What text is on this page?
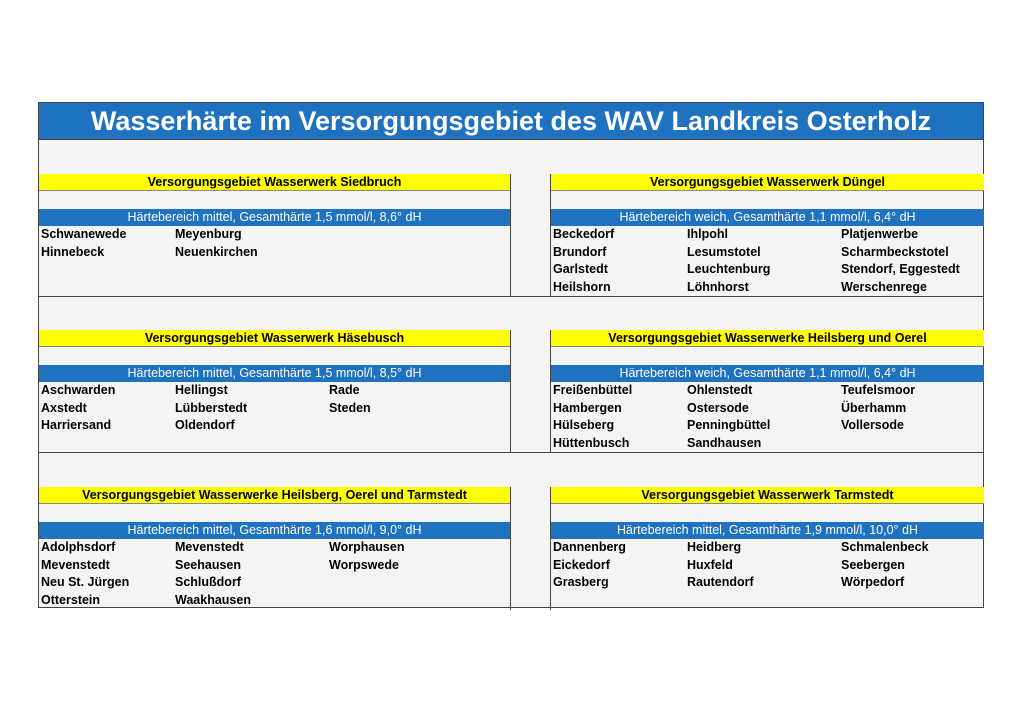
Wasserhärte im Versorgungsgebiet des WAV Landkreis Osterholz
Versorgungsgebiet Wasserwerk Siedbruch
Härtebereich mittel, Gesamthärte 1,5 mmol/l, 8,6° dH
Schwanewede	Meyenburg
Hinnebeck	Neuenkirchen
Versorgungsgebiet Wasserwerk Düngel
Härtebereich weich, Gesamthärte 1,1 mmol/l, 6,4° dH
Beckedorf	Ihlpohl	Platjenwerbe
Brundorf	Lesumstotel	Scharmbeckstotel
Garlstedt	Leuchtenburg	Stendorf, Eggestedt
Heilshorn	Löhnhorst	Werschenrege
Versorgungsgebiet Wasserwerk Häsebusch
Härtebereich mittel, Gesamthärte 1,5 mmol/l, 8,5° dH
Aschwarden	Hellingst	Rade
Axstedt	Lübberstedt	Steden
Harriersand	Oldendorf
Versorgungsgebiet Wasserwerke Heilsberg und Oerel
Härtebereich weich, Gesamthärte 1,1 mmol/l, 6,4° dH
Freißenbüttel	Ohlenstedt	Teufelsmoor
Hambergen	Ostersode	Überhamm
Hülseberg	Penningbüttel	Vollersode
Hüttenbusch	Sandhausen
Versorgungsgebiet Wasserwerke Heilsberg, Oerel und Tarmstedt
Härtebereich mittel, Gesamthärte 1,6 mmol/l, 9,0° dH
Adolphsdorf	Mevenstedt	Worphausen
Mevenstedt	Seehausen	Worpswede
Neu St. Jürgen	Schlußdorf
Otterstein	Waakhausen
Versorgungsgebiet Wasserwerk Tarmstedt
Härtebereich mittel, Gesamthärte 1,9 mmol/l, 10,0° dH
Dannenberg	Heidberg	Schmalenbeck
Eickedorf	Huxfeld	Seebergen
Grasberg	Rautendorf	Wörpedorf
